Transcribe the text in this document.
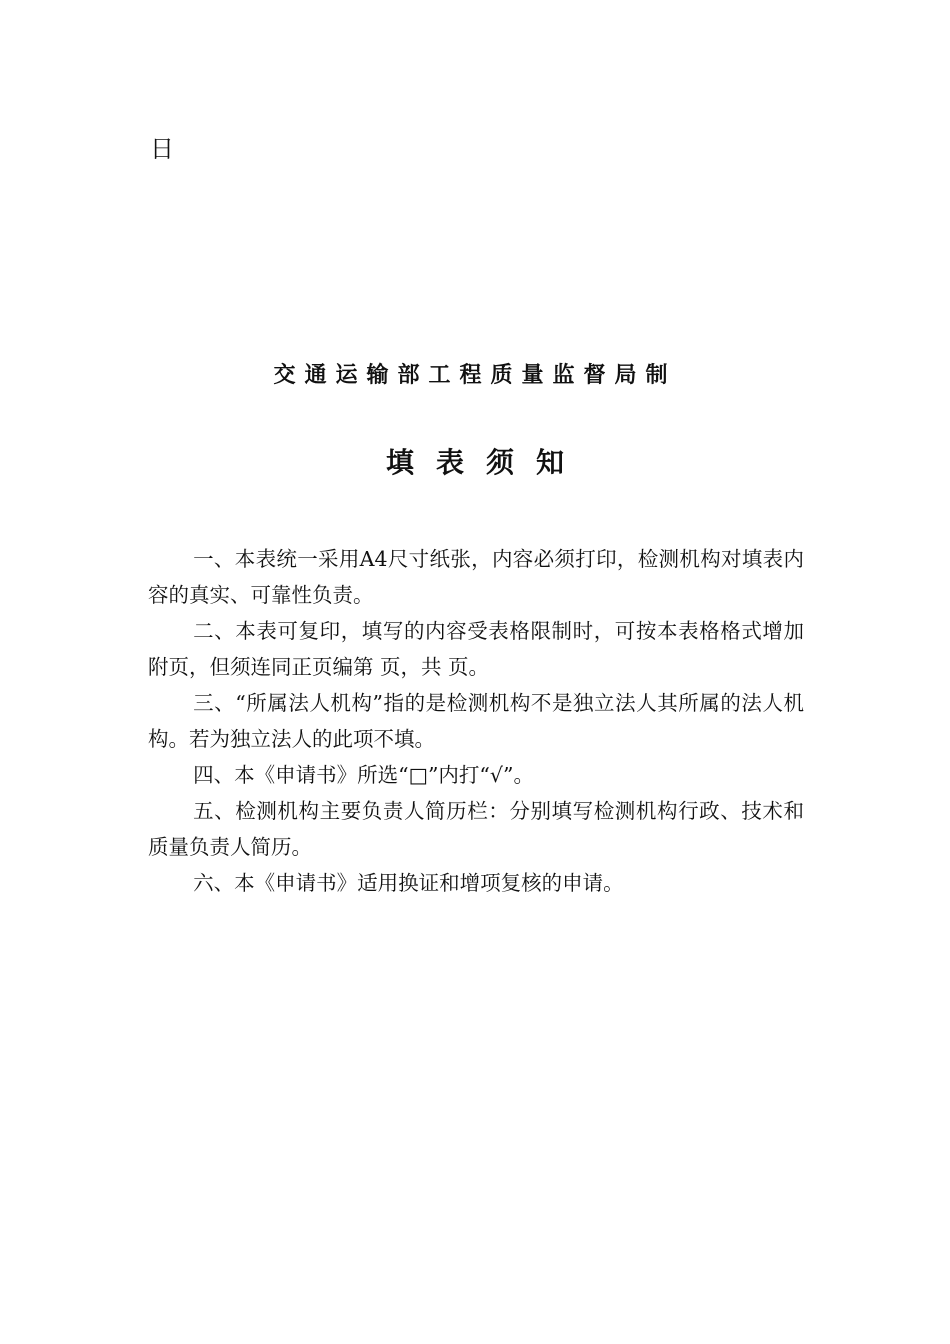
日
交通运输部工程质量监督局制
填表须知

一、本表统一采用A4尺寸纸张，内容必须打印，检测机构对填表内容的真实、可靠性负责。

二、本表可复印，填写的内容受表格限制时，可按本表格格式增加附页，但须连同正页编第 页，共 页。

三、“所属法人机构”指的是检测机构不是独立法人其所属的法人机构。若为独立法人的此项不填。

四、本《申请书》所选“□”内打“√”。

五、检测机构主要负责人简历栏：分别填写检测机构行政、技术和质量负责人简历。

六、本《申请书》适用换证和增项复核的申请。
